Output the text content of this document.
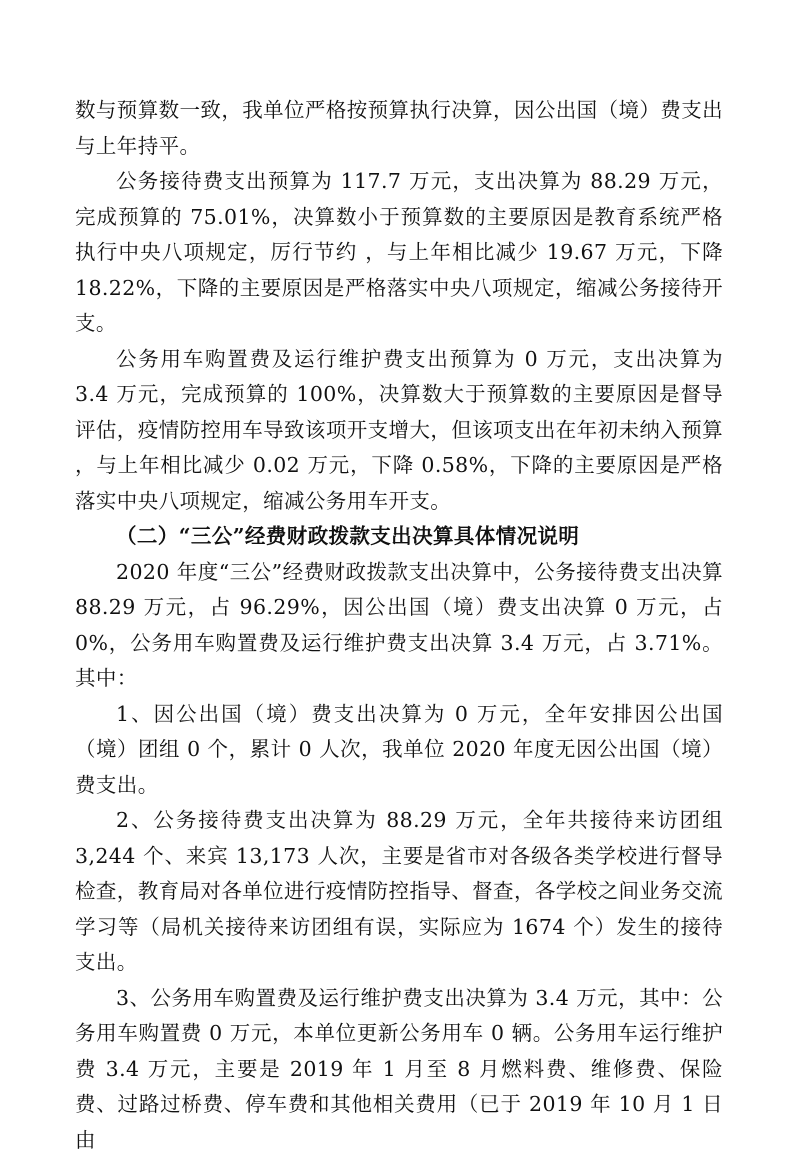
数与预算数一致，我单位严格按预算执行决算，因公出国（境）费支出与上年持平。

公务接待费支出预算为 117.7 万元，支出决算为 88.29 万元，完成预算的 75.01%，决算数小于预算数的主要原因是教育系统严格执行中央八项规定，厉行节约 ，与上年相比减少 19.67 万元，下降 18.22%，下降的主要原因是严格落实中央八项规定，缩减公务接待开支。

公务用车购置费及运行维护费支出预算为 0 万元，支出决算为 3.4 万元，完成预算的 100%，决算数大于预算数的主要原因是督导评估，疫情防控用车导致该项开支增大，但该项支出在年初未纳入预算 ，与上年相比减少 0.02 万元，下降 0.58%，下降的主要原因是严格落实中央八项规定，缩减公务用车开支。

（二）“三公”经费财政拨款支出决算具体情况说明

2020 年度“三公”经费财政拨款支出决算中，公务接待费支出决算 88.29 万元，占 96.29%，因公出国（境）费支出决算 0 万元，占 0%，公务用车购置费及运行维护费支出决算 3.4 万元，占 3.71%。其中：

1、因公出国（境）费支出决算为 0 万元，全年安排因公出国（境）团组 0 个，累计 0 人次，我单位 2020 年度无因公出国（境）费支出。

2、公务接待费支出决算为 88.29 万元，全年共接待来访团组 3,244 个、来宾 13,173 人次，主要是省市对各级各类学校进行督导检查，教育局对各单位进行疫情防控指导、督查，各学校之间业务交流学习等（局机关接待来访团组有误，实际应为 1674 个）发生的接待支出。

3、公务用车购置费及运行维护费支出决算为 3.4 万元，其中：公务用车购置费 0 万元，本单位更新公务用车 0 辆。公务用车运行维护费 3.4 万元，主要是 2019 年 1 月至 8 月燃料费、维修费、保险费、过路过桥费、停车费和其他相关费用（已于 2019 年 10 月 1 日由
